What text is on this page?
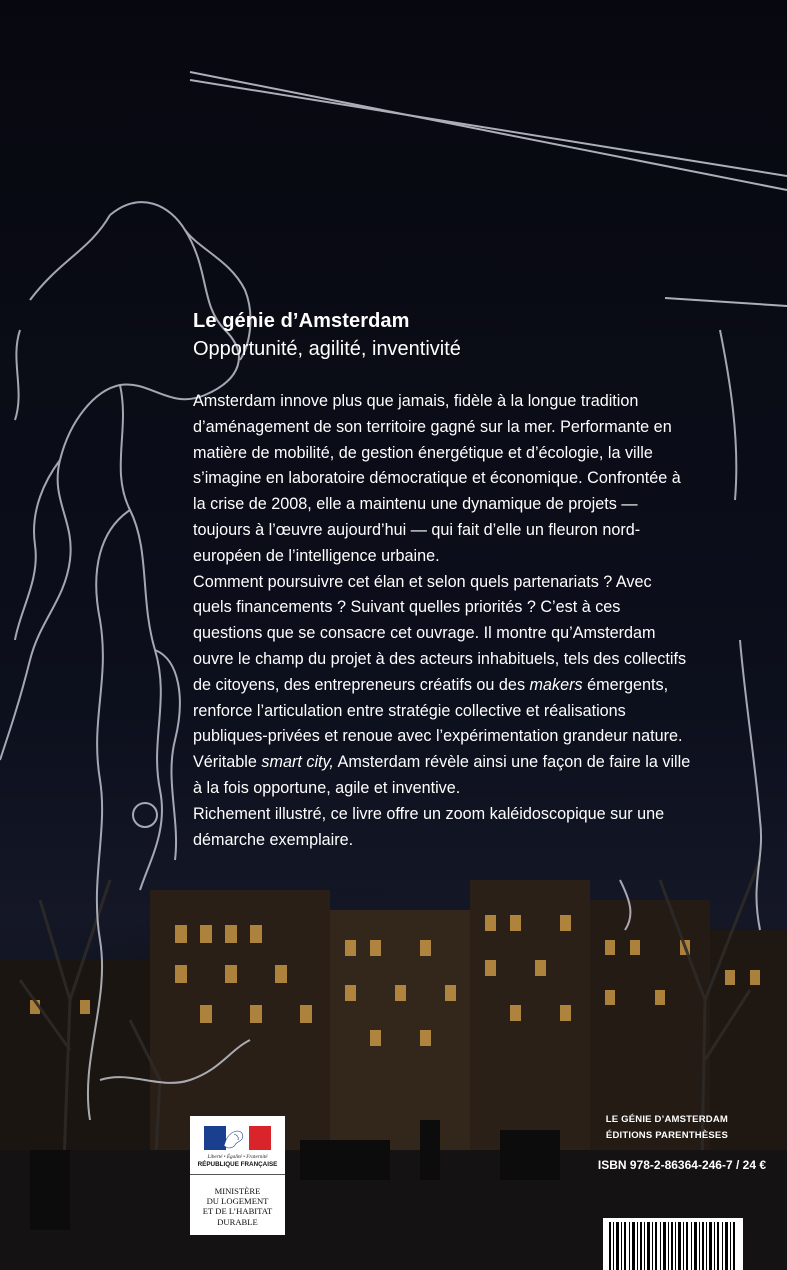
Le génie d’Amsterdam
Opportunité, agilité, inventivité

Amsterdam innove plus que jamais, fidèle à la longue tradition d’aménagement de son territoire gagné sur la mer. Performante en matière de mobilité, de gestion énergétique et d’écologie, la ville s’imagine en laboratoire démocratique et économique. Confrontée à la crise de 2008, elle a maintenu une dynamique de projets — toujours à l’œuvre aujourd’hui — qui fait d’elle un fleuron nord-européen de l’intelligence urbaine.

Comment poursuivre cet élan et selon quels partenariats ? Avec quels financements ? Suivant quelles priorités ? C’est à ces questions que se consacre cet ouvrage. Il montre qu’Amsterdam ouvre le champ du projet à des acteurs inhabituels, tels des collectifs de citoyens, des entrepreneurs créatifs ou des makers émergents, renforce l’articulation entre stratégie collective et réalisations publiques-privées et renoue avec l’expérimentation grandeur nature. Véritable smart city, Amsterdam révèle ainsi une façon de faire la ville à la fois opportune, agile et inventive.

Richement illustré, ce livre offre un zoom kaléidoscopique sur une démarche exemplaire.

LE GÉNIE D’AMSTERDAM
ÉDITIONS PARENTHÈSES
ISBN 978-2-86364-246-7 / 24 €
Liberté • Égalité • Fraternité
RÉPUBLIQUE FRANÇAISE
MINISTÈRE
DU LOGEMENT
ET DE L’HABITAT
DURABLE
